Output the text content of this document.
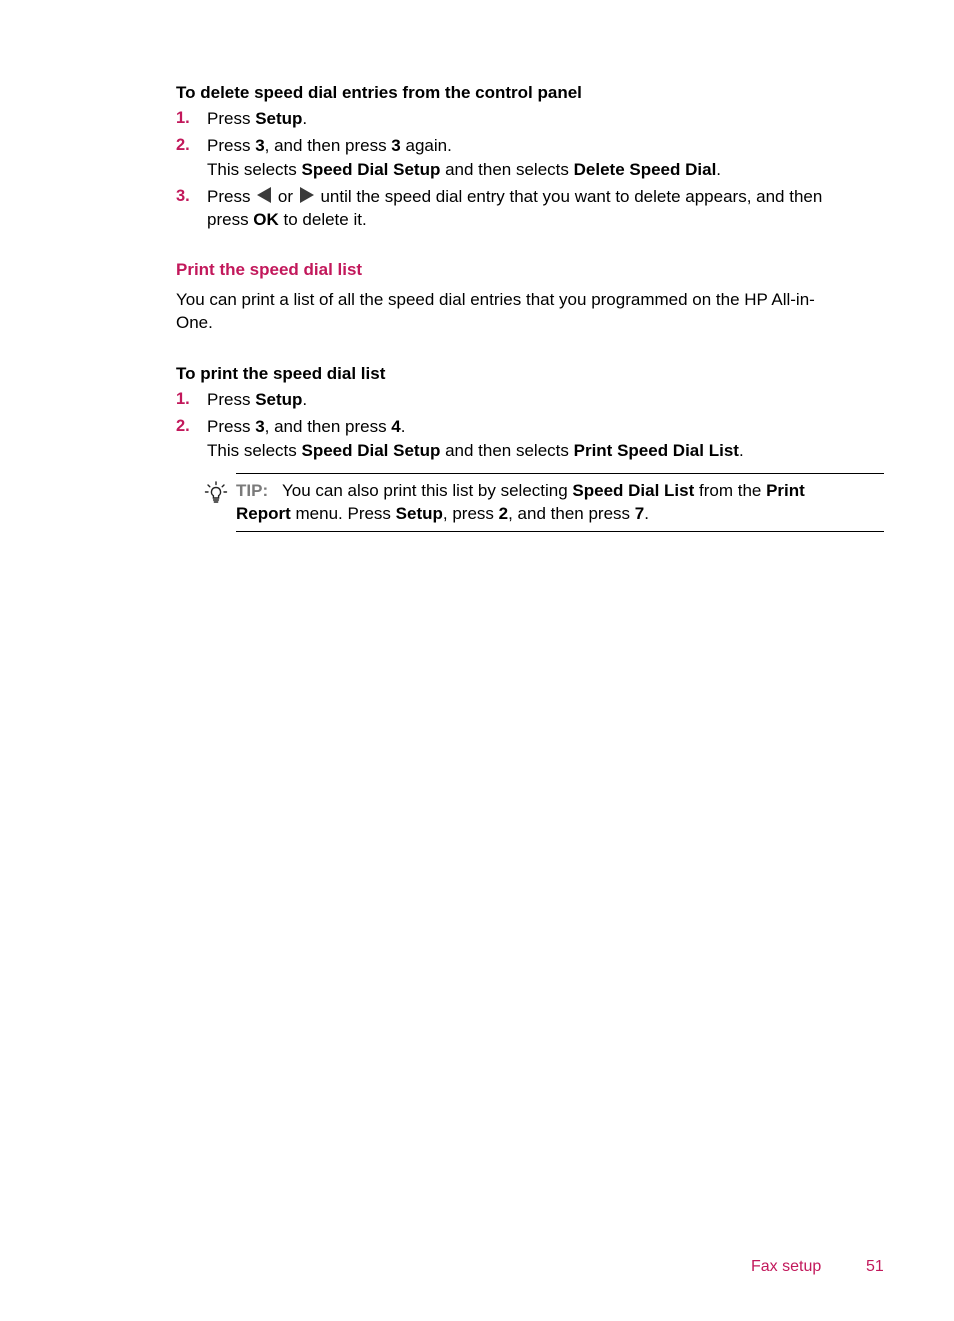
To delete speed dial entries from the control panel
1. Press Setup.
2. Press 3, and then press 3 again.
This selects Speed Dial Setup and then selects Delete Speed Dial.
3. Press  or  until the speed dial entry that you want to delete appears, and then
press OK to delete it.
Print the speed dial list
You can print a list of all the speed dial entries that you programmed on the HP All-in-
One.
To print the speed dial list
1. Press Setup.
2. Press 3, and then press 4.
This selects Speed Dial Setup and then selects Print Speed Dial List.
TIP: You can also print this list by selecting Speed Dial List from the Print
Report menu. Press Setup, press 2, and then press 7.
Fax setup	51
